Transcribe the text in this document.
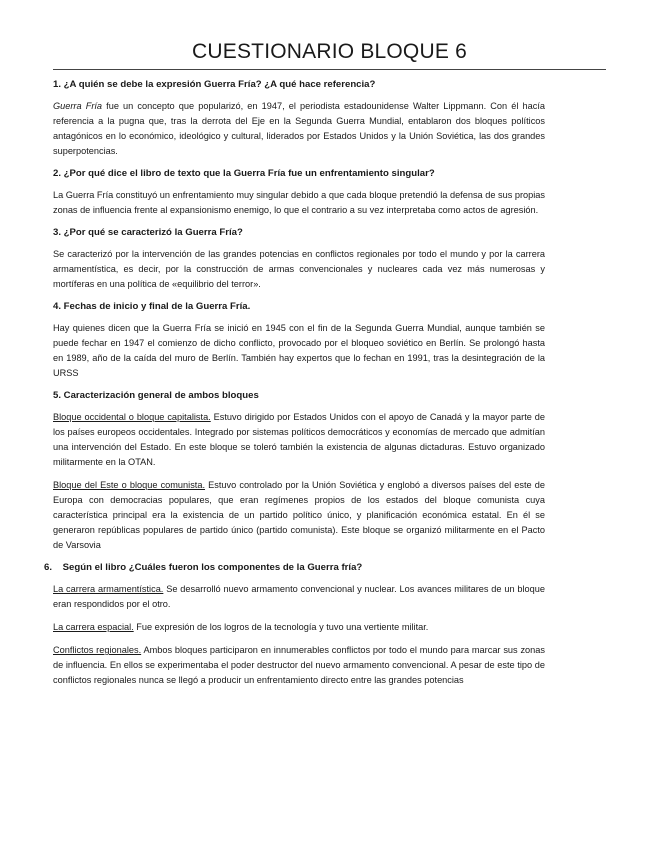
CUESTIONARIO BLOQUE 6
1. ¿A quién se debe la expresión Guerra Fría? ¿A qué hace referencia?
Guerra Fría fue un concepto que popularizó, en 1947, el periodista estadounidense Walter Lippmann. Con él hacía referencia a la pugna que, tras la derrota del Eje en la Segunda Guerra Mundial, entablaron dos bloques políticos antagónicos en lo económico, ideológico y cultural, liderados por Estados Unidos y la Unión Soviética, las dos grandes superpotencias.
2. ¿Por qué dice el libro de texto que la Guerra Fría fue un enfrentamiento singular?
La Guerra Fría constituyó un enfrentamiento muy singular debido a que cada bloque pretendió la defensa de sus propias zonas de influencia frente al expansionismo enemigo, lo que el contrario a su vez interpretaba como actos de agresión.
3. ¿Por qué se caracterizó la Guerra Fría?
Se caracterizó por la intervención de las grandes potencias en conflictos regionales por todo el mundo y por la carrera armamentística, es decir, por la construcción de armas convencionales y nucleares cada vez más numerosas y mortíferas en una política de «equilibrio del terror».
4. Fechas de inicio y final de la Guerra Fría.
Hay quienes dicen que la Guerra Fría se inició en 1945 con el fin de la Segunda Guerra Mundial, aunque también se puede fechar en 1947 el comienzo de dicho conflicto, provocado por el bloqueo soviético en Berlín. Se prolongó hasta en 1989, año de la caída del muro de Berlín. También hay expertos que lo fechan en 1991, tras la desintegración de la URSS
5. Caracterización general de ambos bloques
Bloque occidental o bloque capitalista. Estuvo dirigido por Estados Unidos con el apoyo de Canadá y la mayor parte de los países europeos occidentales. Integrado por sistemas políticos democráticos y economías de mercado que admitían una intervención del Estado. En este bloque se toleró también la existencia de algunas dictaduras. Estuvo organizado militarmente en la OTAN.
Bloque del Este o bloque comunista. Estuvo controlado por la Unión Soviética y englobó a diversos países del este de Europa con democracias populares, que eran regímenes propios de los estados del bloque comunista cuya característica principal era la existencia de un partido político único, y planificación económica estatal. En él se generaron repúblicas populares de partido único (partido comunista). Este bloque se organizó militarmente en el Pacto de Varsovia
6.    Según el libro ¿Cuáles fueron los componentes de la Guerra fría?
La carrera armamentística. Se desarrolló nuevo armamento convencional y nuclear. Los avances militares de un bloque eran respondidos por el otro.
La carrera espacial. Fue expresión de los logros de la tecnología y tuvo una vertiente militar.
Conflictos regionales. Ambos bloques participaron en innumerables conflictos por todo el mundo para marcar sus zonas de influencia. En ellos se experimentaba el poder destructor del nuevo armamento convencional. A pesar de este tipo de conflictos regionales nunca se llegó a producir un enfrentamiento directo entre las grandes potencias
